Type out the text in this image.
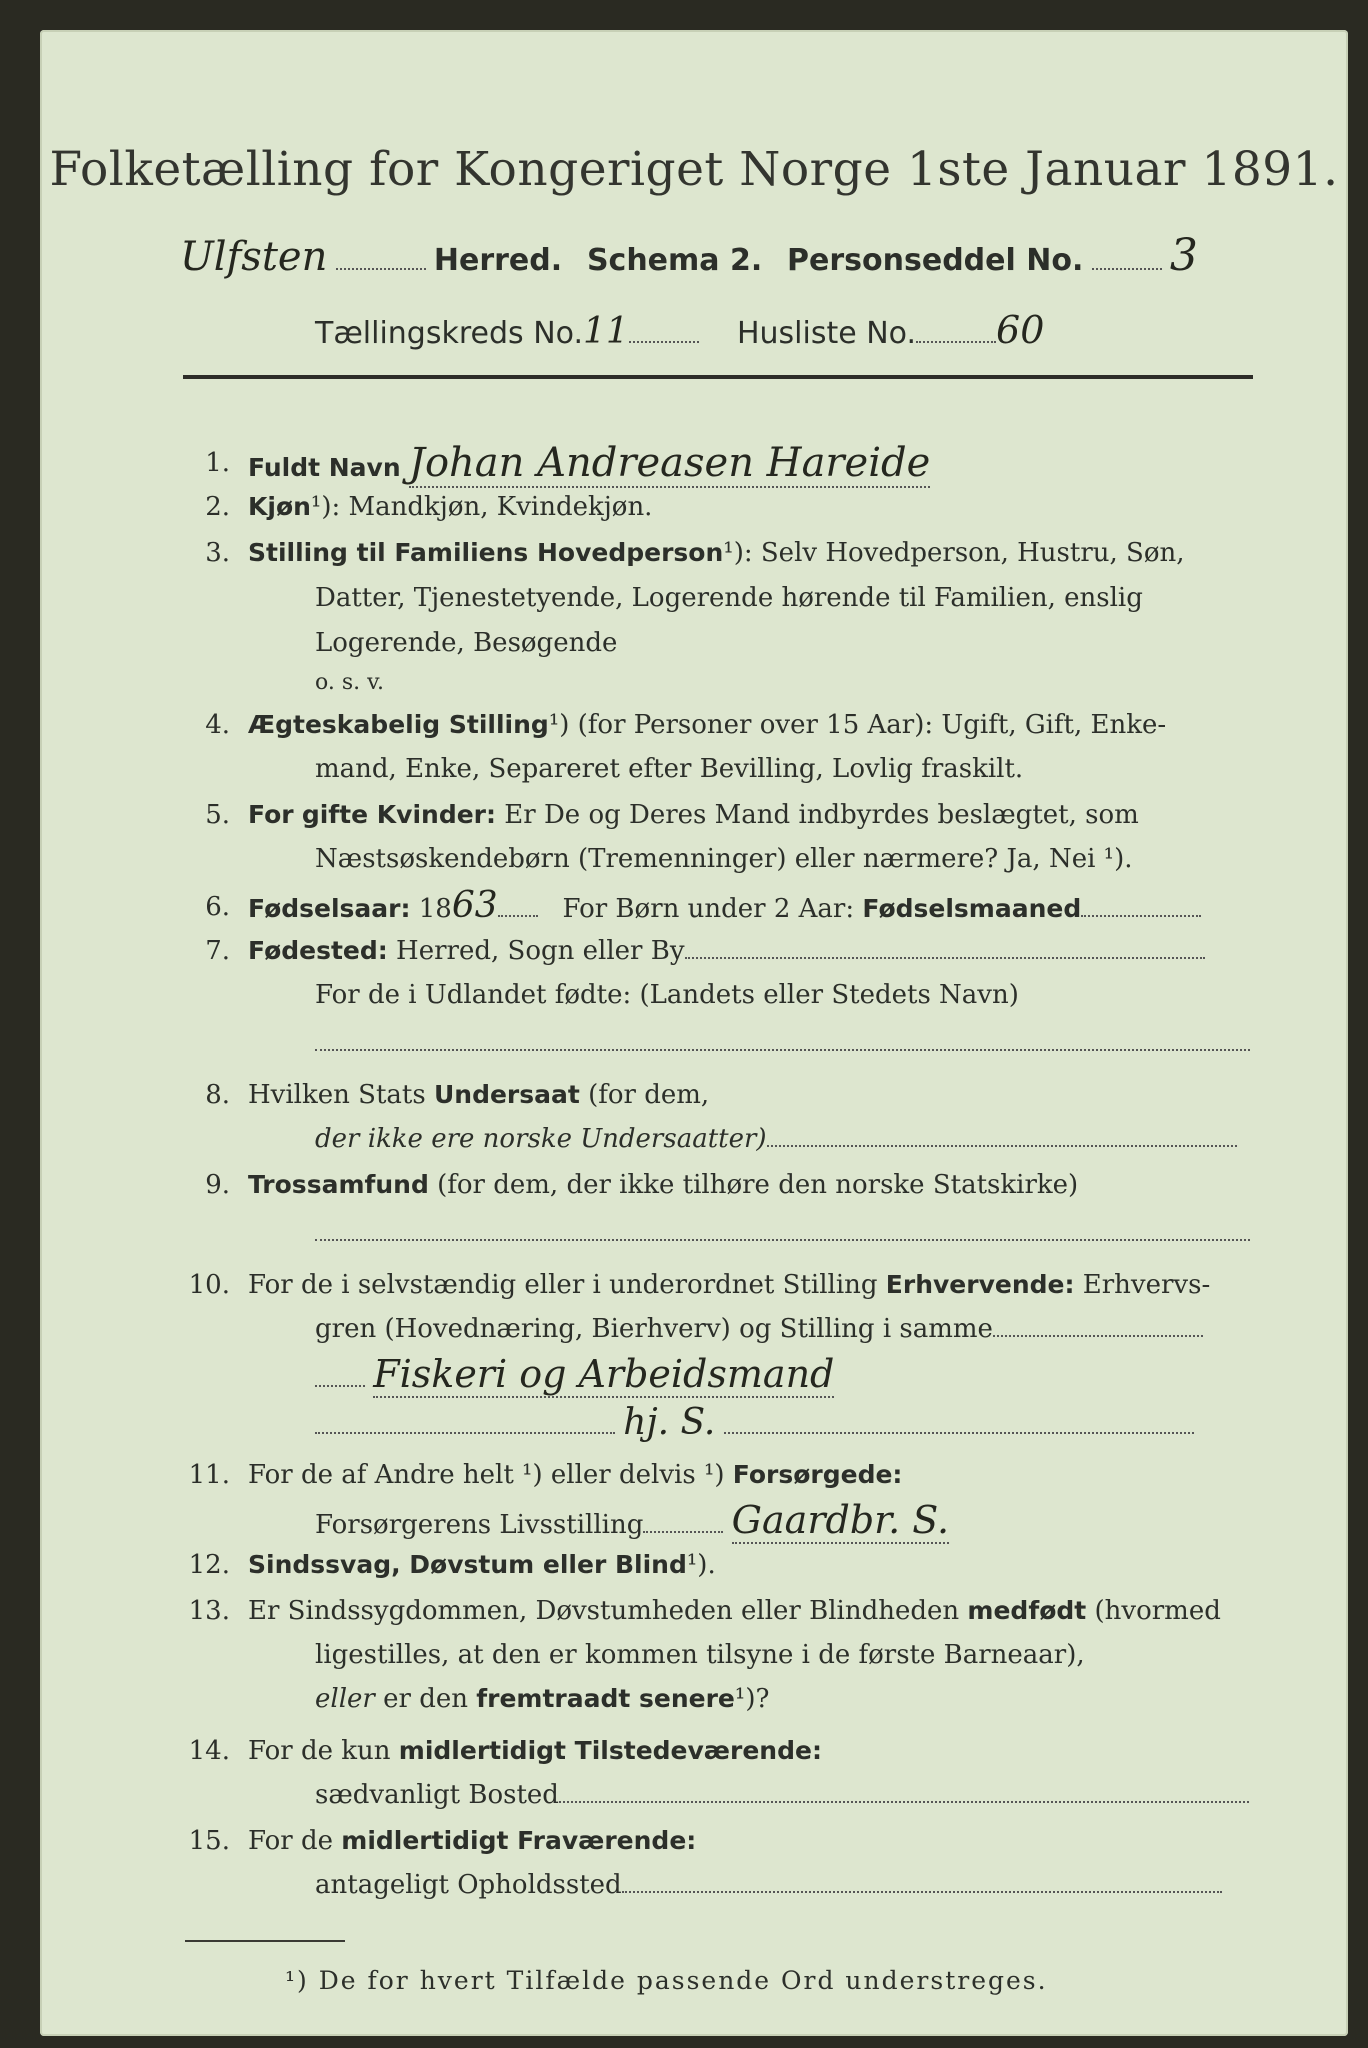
Folketælling for Kongeriget Norge 1ste Januar 1891.
Ulfsten	Herred. Schema 2. Personseddel No. 3
Tællingskreds No.11	Husliste No. 60
1. Fuldt Navn Johan Andreasen Hareide
2. Kjøn¹): Mandkjøn, Kvindekjøn.
3. Stilling til Familiens Hovedperson¹): Selv Hovedperson, Hustru, Søn,
Datter, Tjenestetyende, Logerende hørende til Familien, enslig
Logerende, Besøgende
o. s. v.
4. Ægteskabelig Stilling¹) (for Personer over 15 Aar): Ugift, Gift, Enke-
mand, Enke, Separeret efter Bevilling, Lovlig fraskilt.
5. For gifte Kvinder: Er De og Deres Mand indbyrdes beslægtet, som
Næstsøskendebørn (Tremenninger) eller nærmere? Ja, Nei ¹).
6. Fødselsaar: 1863 For Børn under 2 Aar: Fødselsmaaned
7. Fødested: Herred, Sogn eller By
For de i Udlandet fødte: (Landets eller Stedets Navn)
8. Hvilken Stats Undersaat (for dem,
der ikke ere norske Undersaatter)
9. Trossamfund (for dem, der ikke tilhøre den norske Statskirke)
10. For de i selvstændig eller i underordnet Stilling Erhvervende: Erhvervs-
gren (Hovednæring, Bierhverv) og Stilling i samme
Fiskeri og Arbeidsmand
hj. S.
11. For de af Andre helt ¹) eller delvis ¹) Forsørgede:
Forsørgerens Livsstilling Gaardbr. S.
12. Sindssvag, Døvstum eller Blind¹).
13. Er Sindssygdommen, Døvstumheden eller Blindheden medfødt (hvormed
ligestilles, at den er kommen tilsyne i de første Barneaar),
eller er den fremtraadt senere¹)?
14. For de kun midlertidigt Tilstedeværende:
sædvanligt Bosted
15. For de midlertidigt Fraværende:
antageligt Opholdssted
¹) De for hvert Tilfælde passende Ord understreges.
